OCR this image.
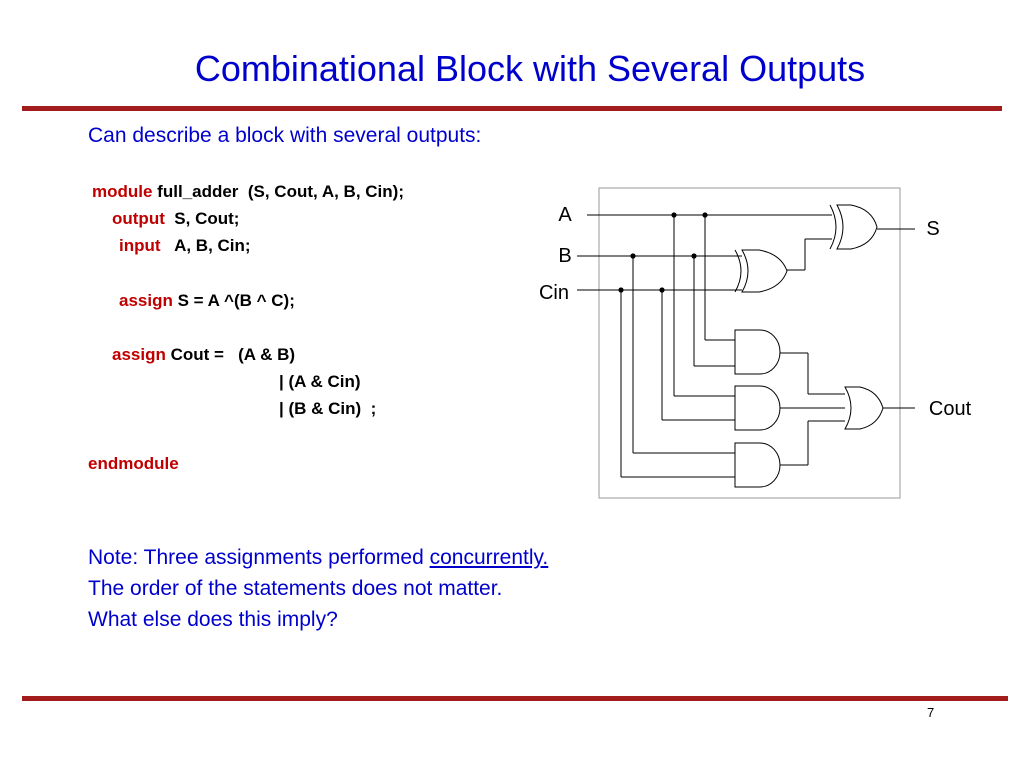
Combinational Block with Several Outputs
Can describe a block with several outputs:
module full_adder  (S, Cout, A, B, Cin);
output  S, Cout;
input   A, B, Cin;
assign S = A ^(B ^ C);
assign Cout =   (A & B)
| (A & Cin)
| (B & Cin)  ;
endmodule
A
B
Cin
S
Cout
Note: Three assignments performed concurrently.
The order of the statements does not matter.
What else does this imply?
7
